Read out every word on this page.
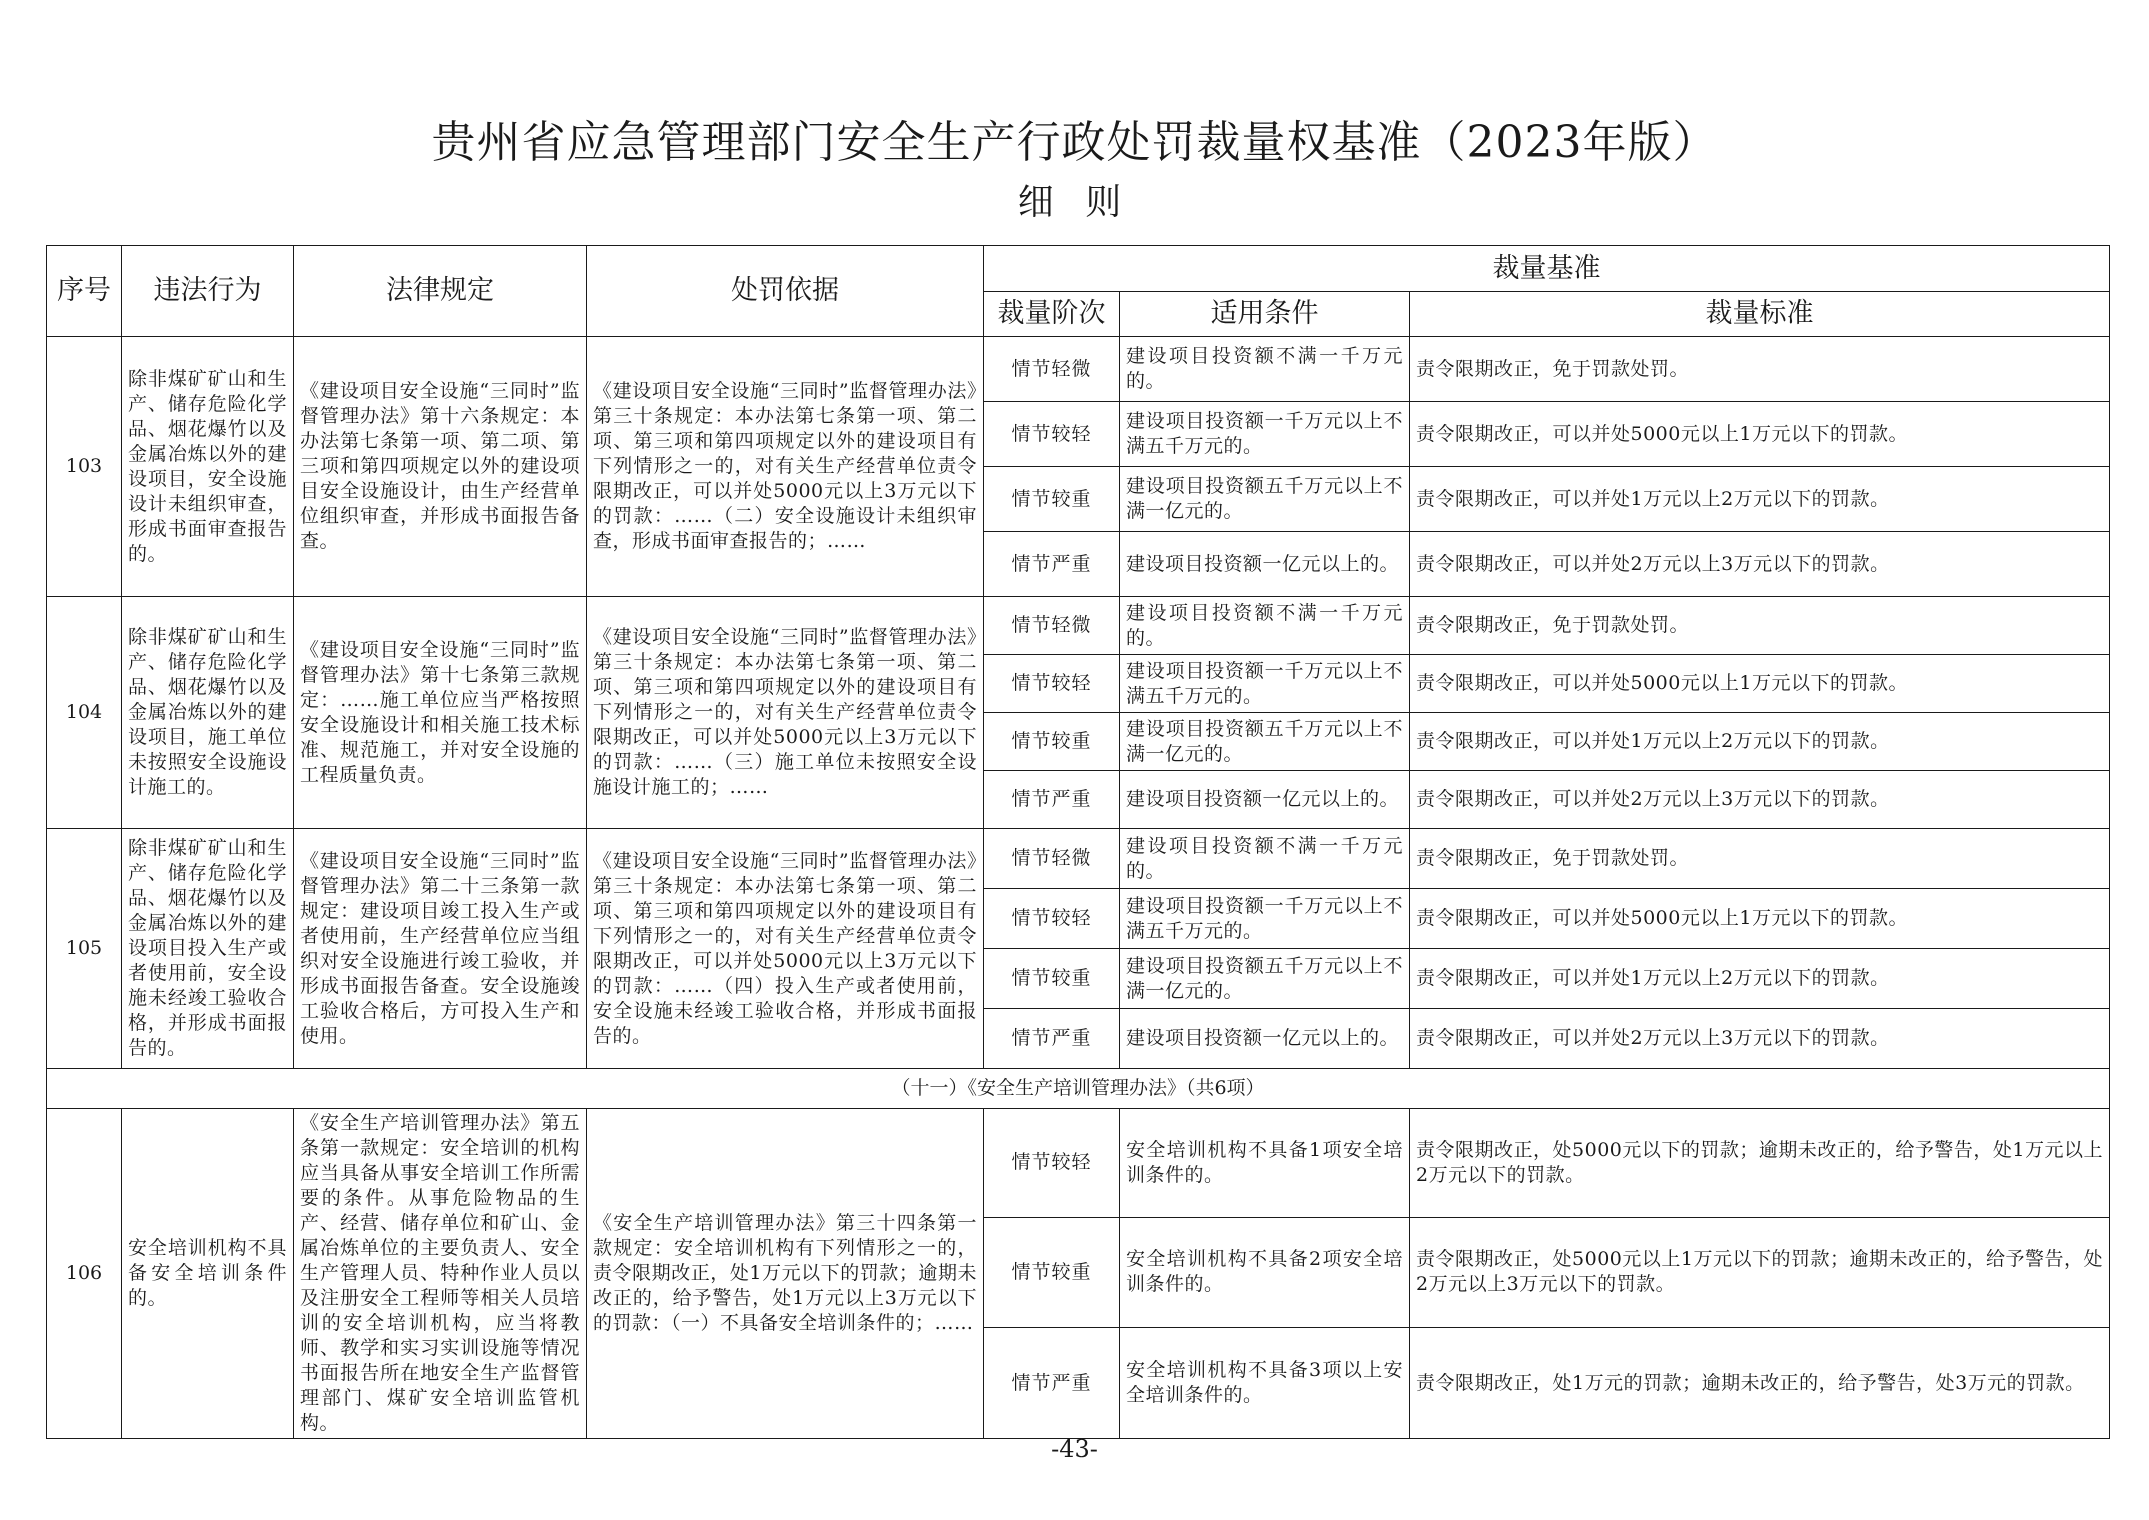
贵州省应急管理部门安全生产行政处罚裁量权基准（2023年版）
细 则
序号	违法行为	法律规定	处罚依据	裁量基准		
				裁量阶次	适用条件	裁量标准
103	除非煤矿矿山和生产、储存危险化学品、烟花爆竹以及金属冶炼以外的建设项目，安全设施设计未组织审查，形成书面审查报告的。	《建设项目安全设施“三同时”监督管理办法》第十六条规定：本办法第七条第一项、第二项、第三项和第四项规定以外的建设项目安全设施设计，由生产经营单位组织审查，并形成书面报告备查。	《建设项目安全设施“三同时”监督管理办法》第三十条规定：本办法第七条第一项、第二项、第三项和第四项规定以外的建设项目有下列情形之一的，对有关生产经营单位责令限期改正，可以并处5000元以上3万元以下的罚款：……（二）安全设施设计未组织审查，形成书面审查报告的；……	情节轻微	建设项目投资额不满一千万元的。	责令限期改正，免于罚款处罚。
				情节较轻	建设项目投资额一千万元以上不满五千万元的。	责令限期改正，可以并处5000元以上1万元以下的罚款。
				情节较重	建设项目投资额五千万元以上不满一亿元的。	责令限期改正，可以并处1万元以上2万元以下的罚款。
				情节严重	建设项目投资额一亿元以上的。	责令限期改正，可以并处2万元以上3万元以下的罚款。
104	除非煤矿矿山和生产、储存危险化学品、烟花爆竹以及金属冶炼以外的建设项目，施工单位未按照安全设施设计施工的。	《建设项目安全设施“三同时”监督管理办法》第十七条第三款规定：……施工单位应当严格按照安全设施设计和相关施工技术标准、规范施工，并对安全设施的工程质量负责。	《建设项目安全设施“三同时”监督管理办法》第三十条规定：本办法第七条第一项、第二项、第三项和第四项规定以外的建设项目有下列情形之一的，对有关生产经营单位责令限期改正，可以并处5000元以上3万元以下的罚款：……（三）施工单位未按照安全设施设计施工的；……	情节轻微	建设项目投资额不满一千万元的。	责令限期改正，免于罚款处罚。
				情节较轻	建设项目投资额一千万元以上不满五千万元的。	责令限期改正，可以并处5000元以上1万元以下的罚款。
				情节较重	建设项目投资额五千万元以上不满一亿元的。	责令限期改正，可以并处1万元以上2万元以下的罚款。
				情节严重	建设项目投资额一亿元以上的。	责令限期改正，可以并处2万元以上3万元以下的罚款。
105	除非煤矿矿山和生产、储存危险化学品、烟花爆竹以及金属冶炼以外的建设项目投入生产或者使用前，安全设施未经竣工验收合格，并形成书面报告的。	《建设项目安全设施“三同时”监督管理办法》第二十三条第一款规定：建设项目竣工投入生产或者使用前，生产经营单位应当组织对安全设施进行竣工验收，并形成书面报告备查。安全设施竣工验收合格后，方可投入生产和使用。	《建设项目安全设施“三同时”监督管理办法》第三十条规定：本办法第七条第一项、第二项、第三项和第四项规定以外的建设项目有下列情形之一的，对有关生产经营单位责令限期改正，可以并处5000元以上3万元以下的罚款：……（四）投入生产或者使用前，安全设施未经竣工验收合格，并形成书面报告的。	情节轻微	建设项目投资额不满一千万元的。	责令限期改正，免于罚款处罚。
				情节较轻	建设项目投资额一千万元以上不满五千万元的。	责令限期改正，可以并处5000元以上1万元以下的罚款。
				情节较重	建设项目投资额五千万元以上不满一亿元的。	责令限期改正，可以并处1万元以上2万元以下的罚款。
				情节严重	建设项目投资额一亿元以上的。	责令限期改正，可以并处2万元以上3万元以下的罚款。
（十一）《安全生产培训管理办法》（共6项）						
106	安全培训机构不具备安全培训条件的。	《安全生产培训管理办法》第五条第一款规定：安全培训的机构应当具备从事安全培训工作所需要的条件。从事危险物品的生产、经营、储存单位和矿山、金属冶炼单位的主要负责人、安全生产管理人员、特种作业人员以及注册安全工程师等相关人员培训的安全培训机构，应当将教师、教学和实习实训设施等情况书面报告所在地安全生产监督管理部门、煤矿安全培训监管机构。	《安全生产培训管理办法》第三十四条第一款规定：安全培训机构有下列情形之一的，责令限期改正，处1万元以下的罚款；逾期未改正的，给予警告，处1万元以上3万元以下的罚款：（一）不具备安全培训条件的；……	情节较轻	安全培训机构不具备1项安全培训条件的。	责令限期改正，处5000元以下的罚款；逾期未改正的，给予警告，处1万元以上2万元以下的罚款。
				情节较重	安全培训机构不具备2项安全培训条件的。	责令限期改正，处5000元以上1万元以下的罚款；逾期未改正的，给予警告，处2万元以上3万元以下的罚款。
				情节严重	安全培训机构不具备3项以上安全培训条件的。	责令限期改正，处1万元的罚款；逾期未改正的，给予警告，处3万元的罚款。
-43-
